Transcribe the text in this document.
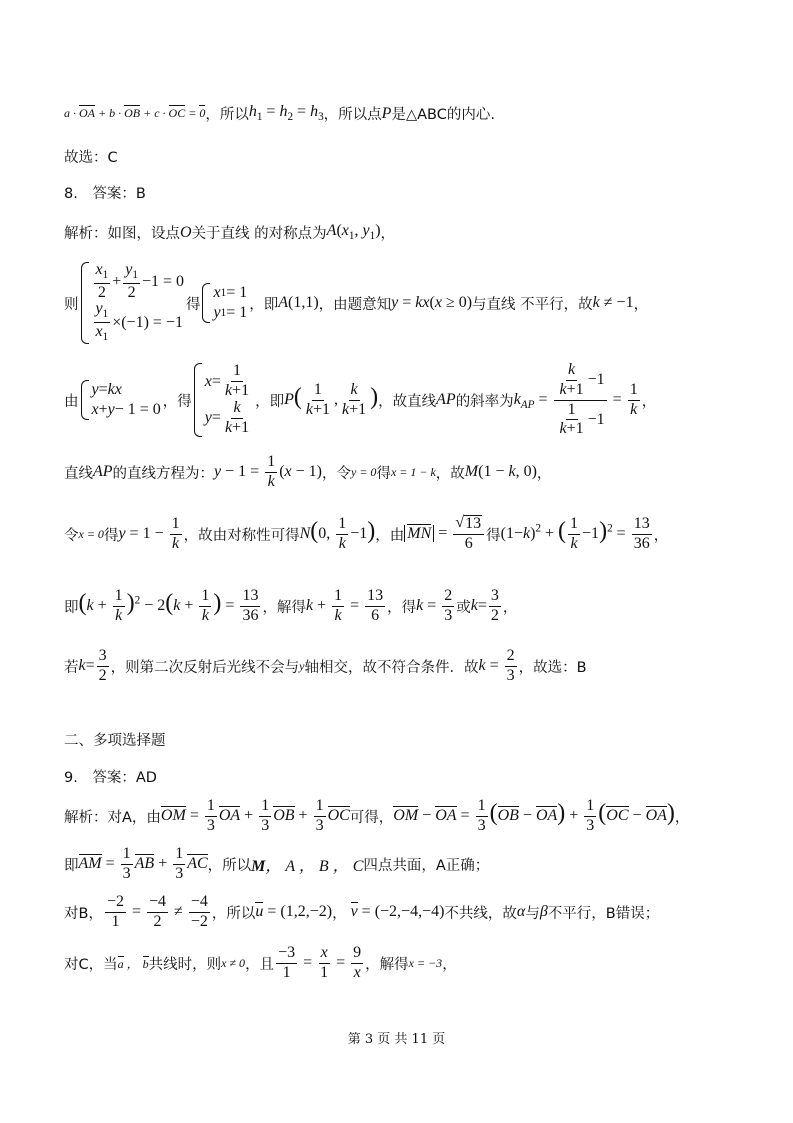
a · OA + b · OB + c · OC = 0 ，所以 $h_1 = h_2 = h_3$ ，所以点 P 是△ABC的内心.
故选：C
8.　答案：B
解析：如图，设点 O 关于直线 的对称点为 $A(x_1$, $y_1$) ，
则
$\frac{x_1}{2} + \frac{y_1}{2} -1 = 0$
$\frac{y_1}{x_1} \times(-1) = -1$
得
x 1 = 1
y 1 = 1 ，即 A(1,1) ，由题意知 y = kx(x ≥ 0) 与直线 不平行，故 k ≠ −1 ，
由
y = kx
x + y − 1 = 0 ，得
$x = \frac{1}{k+1}$
$y = \frac{k}{k+1}$ ，即 $P( \frac{1}{k+1}$ , $\frac{k}{k+1}$ ) ，故直线 AP 的斜率为 $k_{AP} = \frac{\frac{k}{k+1} -1}{\frac{1}{k+1} -1} = \frac{1}{k}$ ，
直线 AP 的直线方程为： $y - 1 = \frac{1}{k} (x - 1)$ ，令 y = 0 得 x = 1 − k ，故 M(1 − k, 0) ，
令 x = 0 得 $y = 1 - \frac{1}{k}$ ，故由对称性可得 N(0, $\frac{1}{k} -1$) ，由 MN = $\frac{√ 13}{6}$ 得 $(1-k)^2$ + ( $\frac{1}{k} -1)^2 = \frac{13}{36}$ ，
即 $(k + \frac{1}{k} )^2 - 2(k + \frac{1}{k}$ ) = $\frac{13}{36}$ ，解得 $k + \frac{1}{k} = \frac{13}{6}$ ，得 $k = \frac{2}{3}$ 或 $k= \frac{3}{2}$ ，
若 $k= \frac{3}{2}$ ，则第二次反射后光线不会与 y 轴相交，故不符合条件．故 $k = \frac{2}{3}$ ，故选：B
二、多项选择题
9.　答案：AD
解析：对A，由 OM = $\frac{1}{3}$ OA + $\frac{1}{3}$ OB + $\frac{1}{3}$ OC 可得， OM − OA = $\frac{1}{3} (OB - OA) + \frac{1}{3} (OC - OA)$ ，
即 AM = $\frac{1}{3}$ AB + $\frac{1}{3}$ AC ，所以 M， A ， B ， C 四点共面，A正确；
对B， $\frac{-2}{1} = \frac{-4}{2} \ne \frac{-4}{-2}$ ，所以 u = (1,2,−2) ， v = (−2,−4,−4) 不共线，故 α 与 β 不平行，B错误；
对C，当 a ， b 共线时，则 x ≠ 0 ，且 $\frac{-3}{1} = \frac{x}{1} = \frac{9}{x}$ ，解得 x = −3 ，
第 3 页 共 11 页
